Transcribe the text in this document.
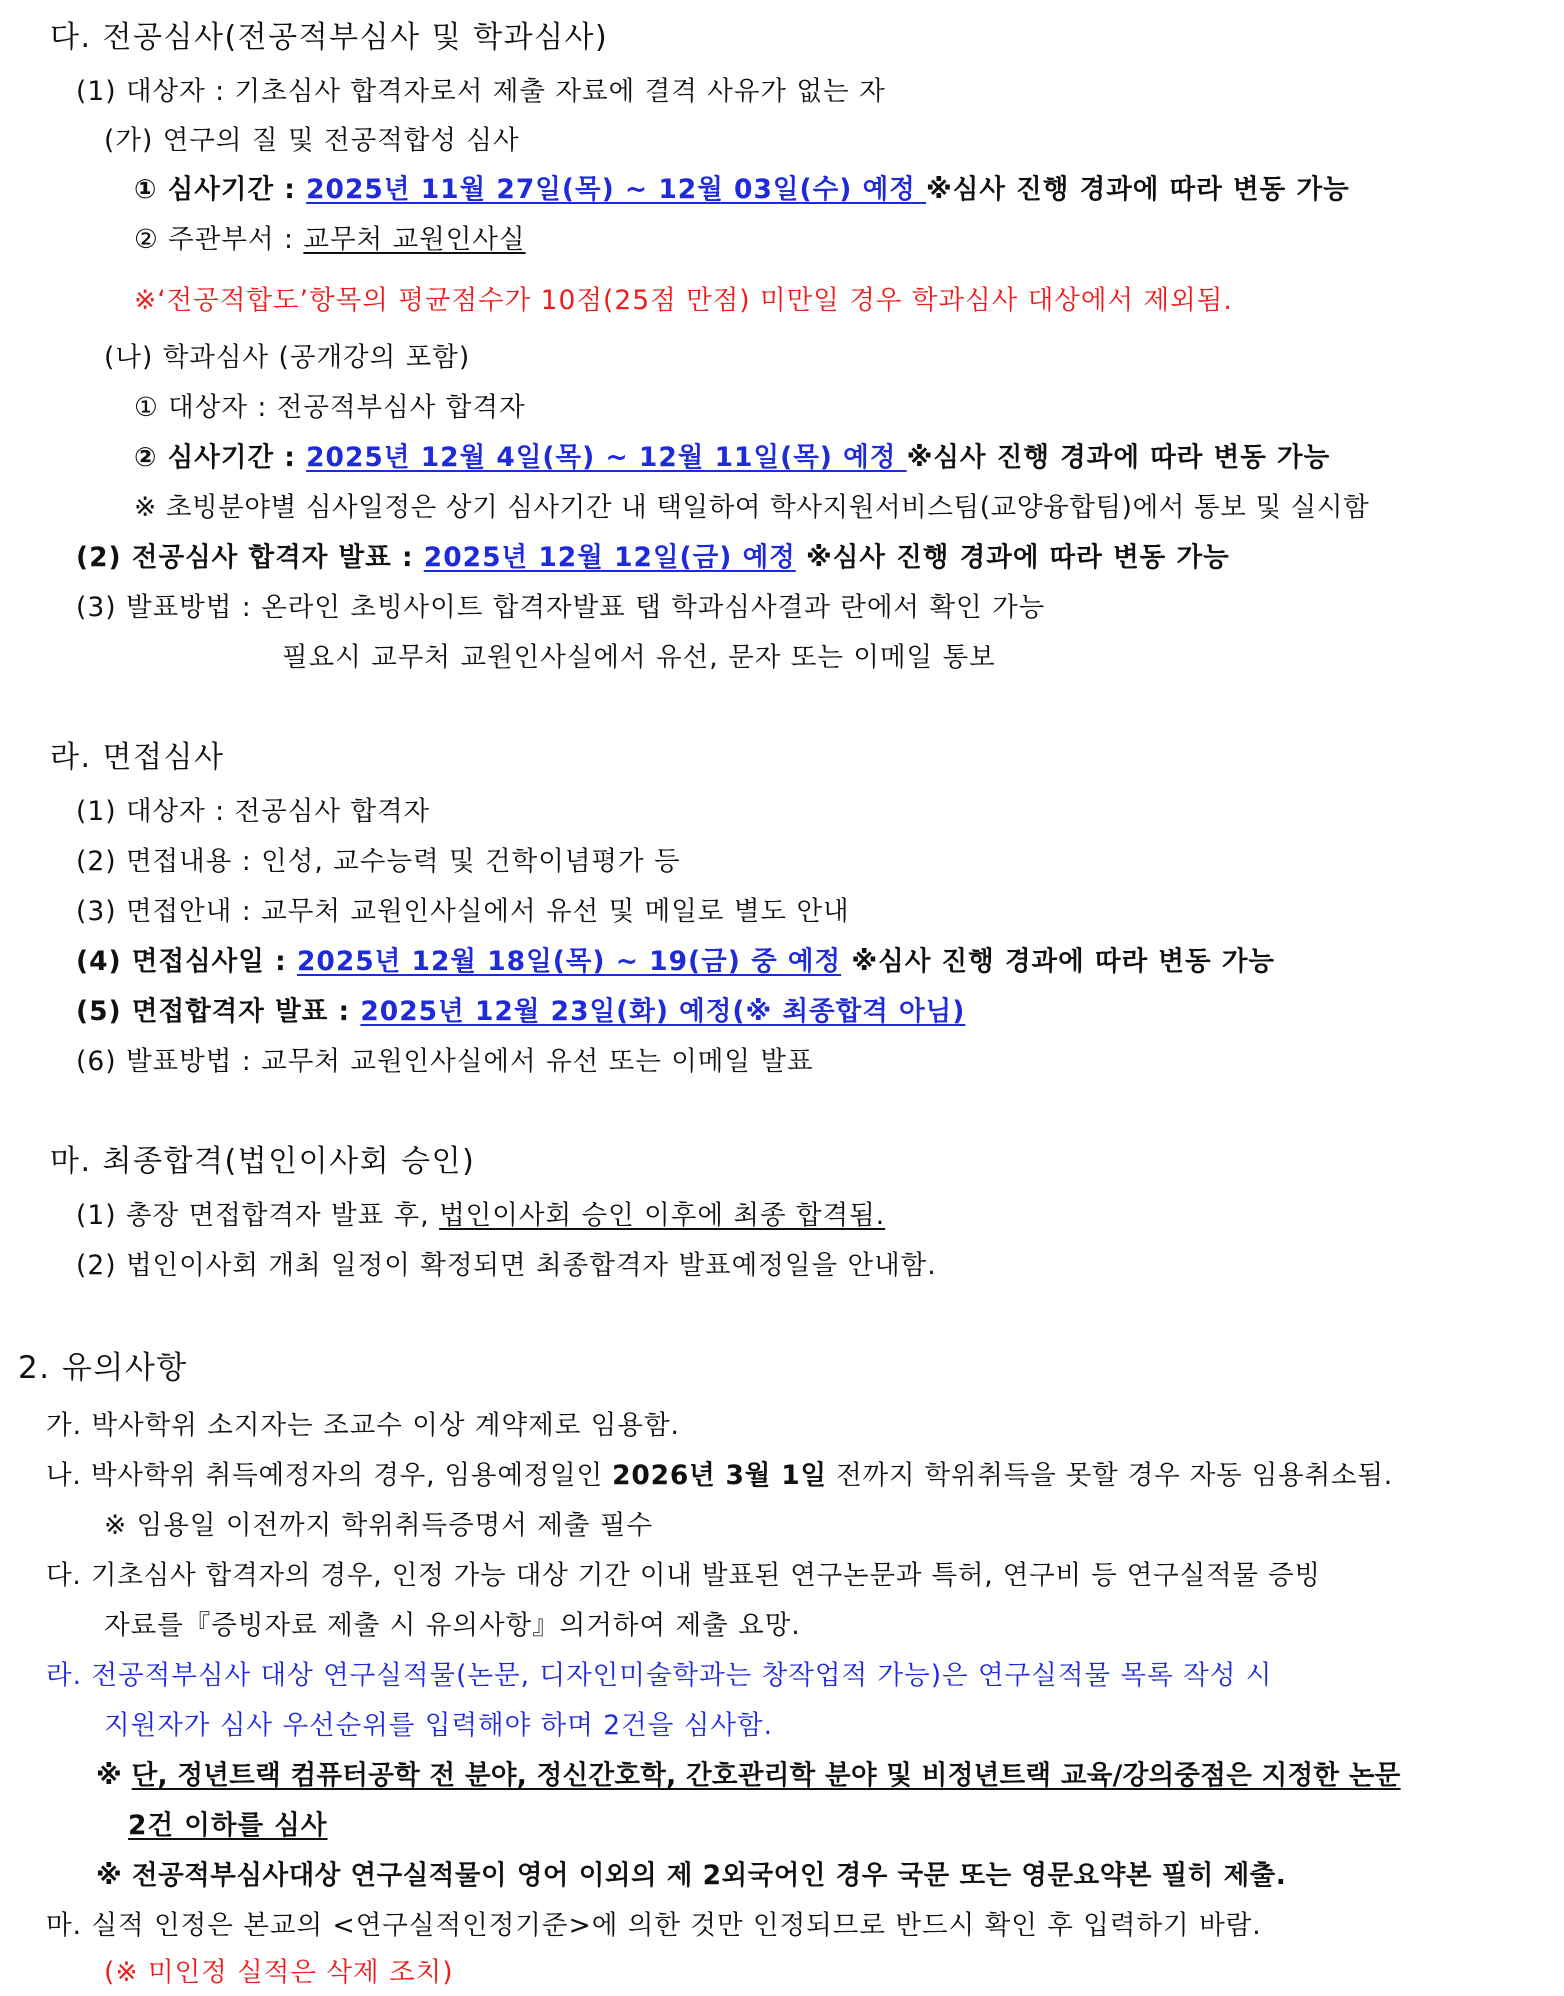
다. 전공심사(전공적부심사 및 학과심사)
(1) 대상자 : 기초심사 합격자로서 제출 자료에 결격 사유가 없는 자
(가) 연구의 질 및 전공적합성 심사
① 심사기간 : 2025년 11월 27일(목) ~ 12월 03일(수) 예정 ※심사 진행 경과에 따라 변동 가능
② 주관부서 : 교무처 교원인사실
※‘전공적합도’항목의 평균점수가 10점(25점 만점) 미만일 경우 학과심사 대상에서 제외됨.
(나) 학과심사 (공개강의 포함)
① 대상자 : 전공적부심사 합격자
② 심사기간 : 2025년 12월 4일(목) ~ 12월 11일(목) 예정 ※심사 진행 경과에 따라 변동 가능
※ 초빙분야별 심사일정은 상기 심사기간 내 택일하여 학사지원서비스팀(교양융합팀)에서 통보 및 실시함
(2) 전공심사 합격자 발표 : 2025년 12월 12일(금) 예정 ※심사 진행 경과에 따라 변동 가능
(3) 발표방법 : 온라인 초빙사이트 합격자발표 탭 학과심사결과 란에서 확인 가능
필요시 교무처 교원인사실에서 유선, 문자 또는 이메일 통보
라. 면접심사
(1) 대상자 : 전공심사 합격자
(2) 면접내용 : 인성, 교수능력 및 건학이념평가 등
(3) 면접안내 : 교무처 교원인사실에서 유선 및 메일로 별도 안내
(4) 면접심사일 : 2025년 12월 18일(목) ~ 19(금) 중 예정 ※심사 진행 경과에 따라 변동 가능
(5) 면접합격자 발표 : 2025년 12월 23일(화) 예정(※ 최종합격 아님)
(6) 발표방법 : 교무처 교원인사실에서 유선 또는 이메일 발표
마. 최종합격(법인이사회 승인)
(1) 총장 면접합격자 발표 후, 법인이사회 승인 이후에 최종 합격됨.
(2) 법인이사회 개최 일정이 확정되면 최종합격자 발표예정일을 안내함.
2. 유의사항
가. 박사학위 소지자는 조교수 이상 계약제로 임용함.
나. 박사학위 취득예정자의 경우, 임용예정일인 2026년 3월 1일 전까지 학위취득을 못할 경우 자동 임용취소됨.
※ 임용일 이전까지 학위취득증명서 제출 필수
다. 기초심사 합격자의 경우, 인정 가능 대상 기간 이내 발표된 연구논문과 특허, 연구비 등 연구실적물 증빙
자료를『증빙자료 제출 시 유의사항』의거하여 제출 요망.
라. 전공적부심사 대상 연구실적물(논문, 디자인미술학과는 창작업적 가능)은 연구실적물 목록 작성 시
지원자가 심사 우선순위를 입력해야 하며 2건을 심사함.
※ 단, 정년트랙 컴퓨터공학 전 분야, 정신간호학, 간호관리학 분야 및 비정년트랙 교육/강의중점은 지정한 논문
2건 이하를 심사
※ 전공적부심사대상 연구실적물이 영어 이외의 제 2외국어인 경우 국문 또는 영문요약본 필히 제출.
마. 실적 인정은 본교의 <연구실적인정기준>에 의한 것만 인정되므로 반드시 확인 후 입력하기 바람.
(※ 미인정 실적은 삭제 조치)
